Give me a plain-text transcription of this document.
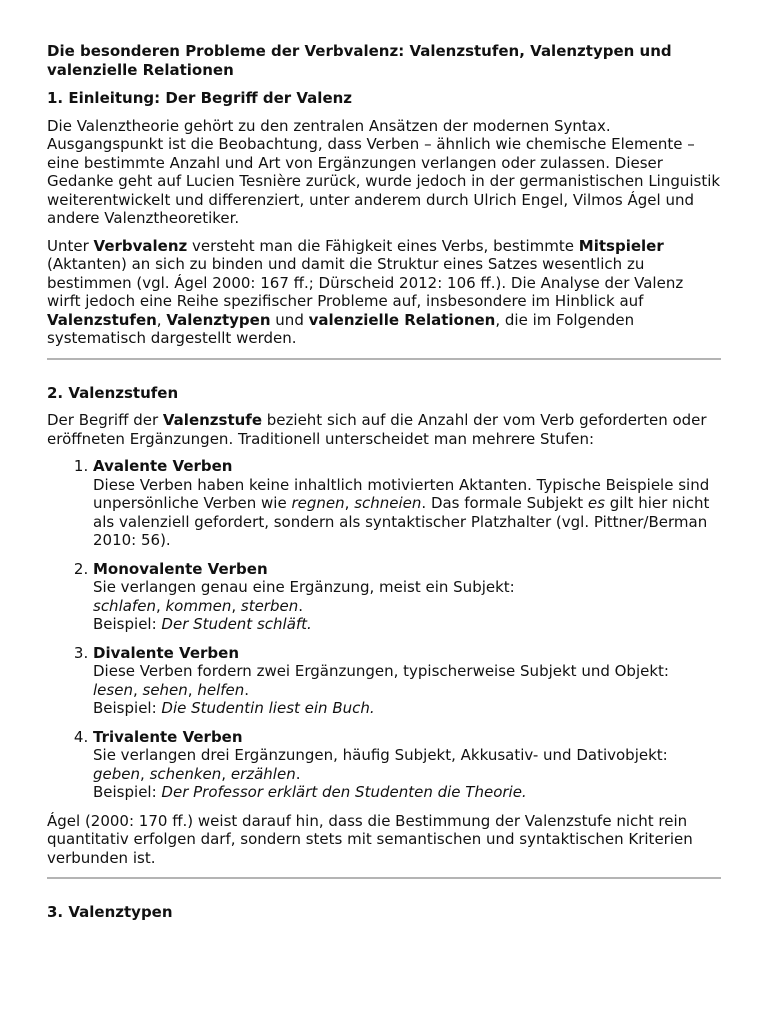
Die besonderen Probleme der Verbvalenz: Valenzstufen, Valenztypen und valenzielle Relationen
1. Einleitung: Der Begriff der Valenz

Die Valenztheorie gehört zu den zentralen Ansätzen der modernen Syntax. Ausgangspunkt ist die Beobachtung, dass Verben – ähnlich wie chemische Elemente – eine bestimmte Anzahl und Art von Ergänzungen verlangen oder zulassen. Dieser Gedanke geht auf Lucien Tesnière zurück, wurde jedoch in der germanistischen Linguistik weiterentwickelt und differenziert, unter anderem durch Ulrich Engel, Vilmos Ágel und andere Valenztheoretiker.

Unter Verbvalenz versteht man die Fähigkeit eines Verbs, bestimmte Mitspieler (Aktanten) an sich zu binden und damit die Struktur eines Satzes wesentlich zu bestimmen (vgl. Ágel 2000: 167 ff.; Dürscheid 2012: 106 ff.). Die Analyse der Valenz wirft jedoch eine Reihe spezifischer Probleme auf, insbesondere im Hinblick auf Valenzstufen, Valenztypen und valenzielle Relationen, die im Folgenden systematisch dargestellt werden.

2. Valenzstufen

Der Begriff der Valenzstufe bezieht sich auf die Anzahl der vom Verb geforderten oder eröffneten Ergänzungen. Traditionell unterscheidet man mehrere Stufen:

1. Avalente Verben
Diese Verben haben keine inhaltlich motivierten Aktanten. Typische Beispiele sind unpersönliche Verben wie regnen, schneien. Das formale Subjekt es gilt hier nicht als valenziell gefordert, sondern als syntaktischer Platzhalter (vgl. Pittner/Berman 2010: 56).
2. Monovalente Verben
Sie verlangen genau eine Ergänzung, meist ein Subjekt:
schlafen, kommen, sterben.
Beispiel: Der Student schläft.
3. Divalente Verben
Diese Verben fordern zwei Ergänzungen, typischerweise Subjekt und Objekt:
lesen, sehen, helfen.
Beispiel: Die Studentin liest ein Buch.
4. Trivalente Verben
Sie verlangen drei Ergänzungen, häufig Subjekt, Akkusativ- und Dativobjekt:
geben, schenken, erzählen.
Beispiel: Der Professor erklärt den Studenten die Theorie.

Ágel (2000: 170 ff.) weist darauf hin, dass die Bestimmung der Valenzstufe nicht rein quantitativ erfolgen darf, sondern stets mit semantischen und syntaktischen Kriterien verbunden ist.

3. Valenztypen
